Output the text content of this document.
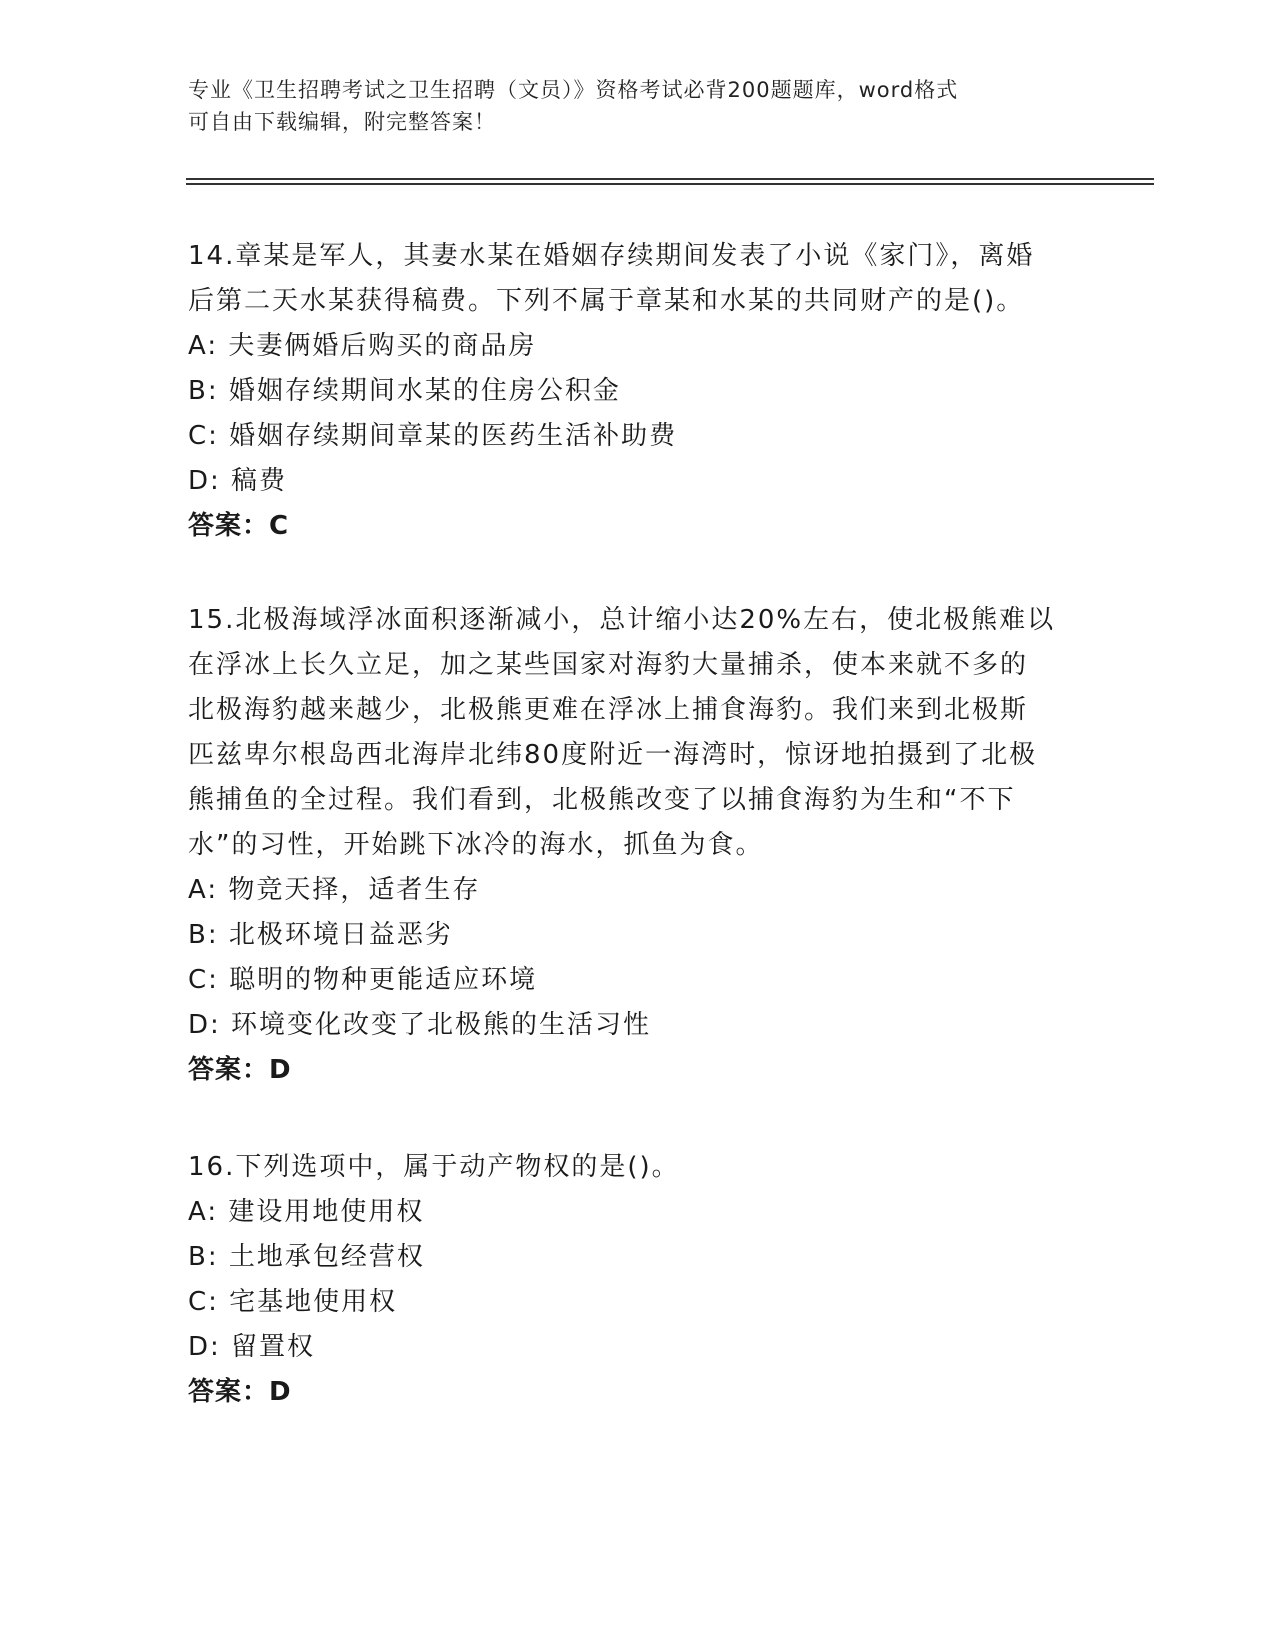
专业《卫生招聘考试之卫生招聘（文员）》资格考试必背200题题库，word格式
可自由下载编辑，附完整答案！

14.章某是军人，其妻水某在婚姻存续期间发表了小说《家门》，离婚

后第二天水某获得稿费。下列不属于章某和水某的共同财产的是()。

A: 夫妻俩婚后购买的商品房

B: 婚姻存续期间水某的住房公积金

C: 婚姻存续期间章某的医药生活补助费

D: 稿费

答案：C

15.北极海域浮冰面积逐渐减小，总计缩小达20%左右，使北极熊难以

在浮冰上长久立足，加之某些国家对海豹大量捕杀，使本来就不多的

北极海豹越来越少，北极熊更难在浮冰上捕食海豹。我们来到北极斯

匹兹卑尔根岛西北海岸北纬80度附近一海湾时，惊讶地拍摄到了北极

熊捕鱼的全过程。我们看到，北极熊改变了以捕食海豹为生和“不下

水”的习性，开始跳下冰冷的海水，抓鱼为食。

A: 物竞天择，适者生存

B: 北极环境日益恶劣

C: 聪明的物种更能适应环境

D: 环境变化改变了北极熊的生活习性

答案：D

16.下列选项中，属于动产物权的是()。

A: 建设用地使用权

B: 土地承包经营权

C: 宅基地使用权

D: 留置权

答案：D
